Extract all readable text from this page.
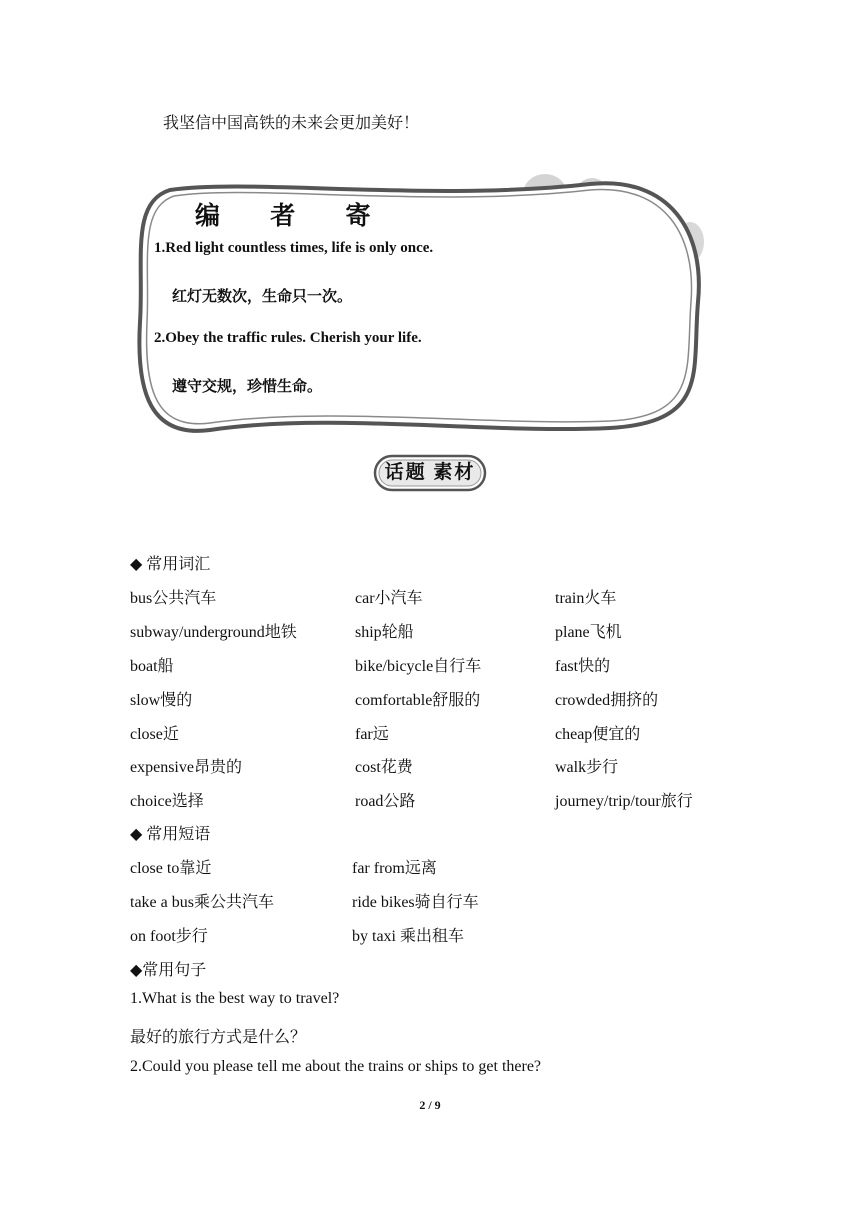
我坚信中国高铁的未来会更加美好！
编 者 寄
1.Red light countless times, life is only once.
红灯无数次，生命只一次。
2.Obey the traffic rules. Cherish your life.
遵守交规，珍惜生命。
话题 素材
◆ 常用词汇
bus公共汽车	car小汽车	train火车
subway/underground地铁	ship轮船	plane飞机
boat船	bike/bicycle自行车	fast快的
slow慢的	comfortable舒服的	crowded拥挤的
close近	far远	cheap便宜的
expensive昂贵的	cost花费	walk步行
choice选择	road公路	journey/trip/tour旅行
◆ 常用短语
close to靠近	far from远离
take a bus乘公共汽车	ride bikes骑自行车
on foot步行	by taxi 乘出租车
◆常用句子
1.What is the best way to travel?
最好的旅行方式是什么？
2.Could you please tell me about the trains or ships to get there?
2 / 9
